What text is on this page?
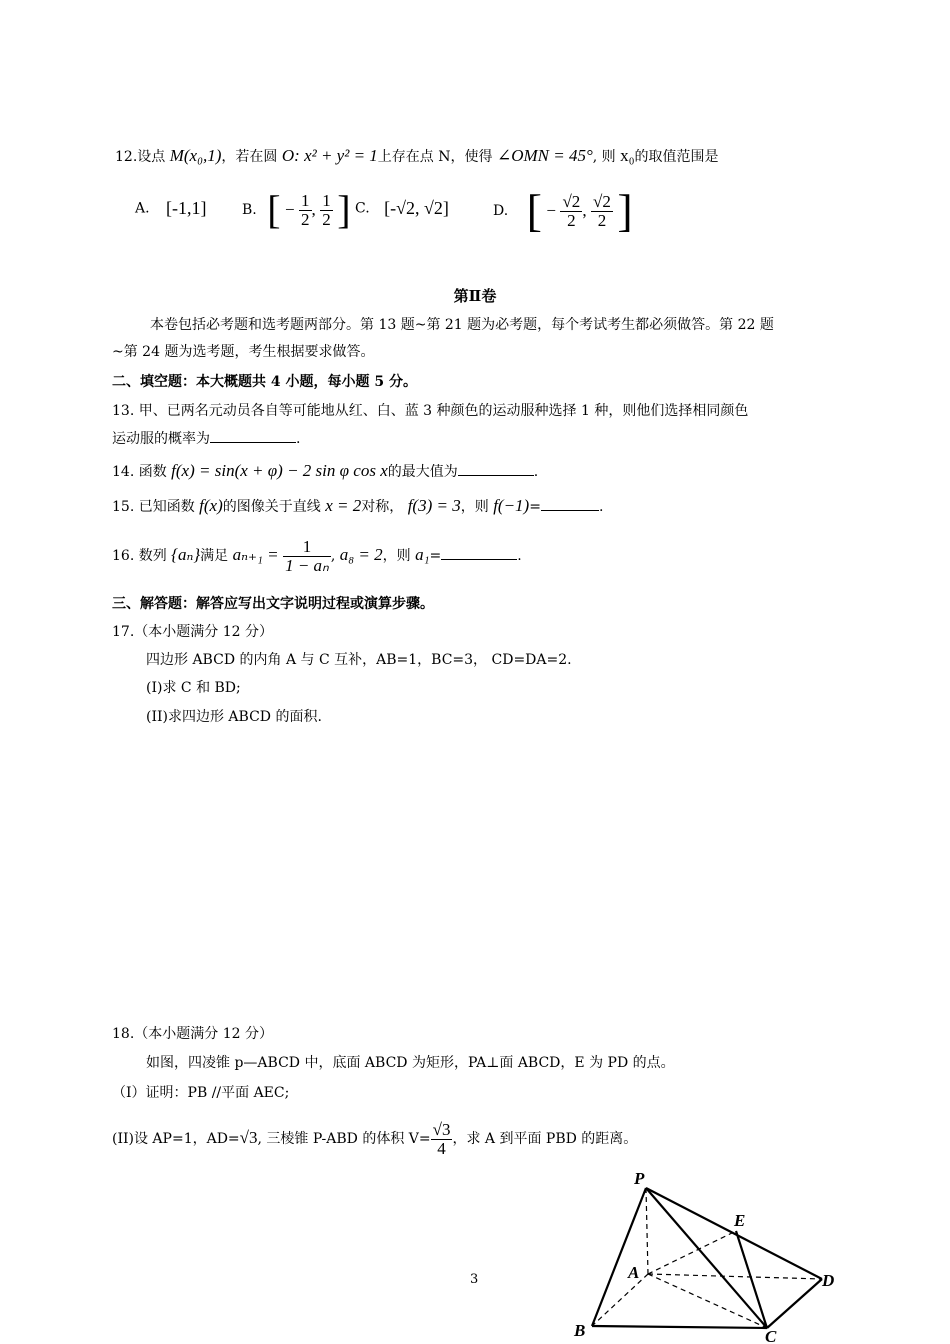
12.设点 M(x₀,1)，若在圆 O: x² + y² = 1上存在点 N，使得 ∠OMN = 45°, 则 x₀的取值范围是
A. [-1,1]	B. [ − $\frac{1}{2}$ , $\frac{1}{2}$ ] C. [-√2, √2]	D. [ − $\frac{√2}{2}$ , $\frac{√2}{2}$ ]
第Ⅱ卷
本卷包括必考题和选考题两部分。第 13 题~第 21 题为必考题，每个考试考生都必须做答。第 22 题
~第 24 题为选考题，考生根据要求做答。
二、填空题：本大概题共 4 小题，每小题 5 分。
13. 甲、已两名元动员各自等可能地从红、白、蓝 3 种颜色的运动服种选择 1 种，则他们选择相同颜色
运动服的概率为	.
14. 函数 f(x) = sin(x + φ) − 2 sin φ cos x的最大值为	.
15. 已知函数 f(x)的图像关于直线 x = 2对称， f(3) = 3，则 f(−1)=	.
16. 数列 {aₙ}满足 $a_{n+1} = \frac{1}{\text{1 − aₙ}}$ , a₈ = 2，则 a₁=	.
三、解答题：解答应写出文字说明过程或演算步骤。
17.（本小题满分 12 分）
四边形 ABCD 的内角 A 与 C 互补，AB=1，BC=3， CD=DA=2.
(I)求 C 和 BD;
(II)求四边形 ABCD 的面积.
18.（本小题满分 12 分）
如图，四凌锥 p—ABCD 中，底面 ABCD 为矩形，PA⊥面 ABCD，E 为 PD 的点。
（I）证明：PB //平面 AEC;
(II)设 AP=1，AD=√3, 三棱锥 P-ABD 的体积 $V= \frac{√3}{4}$ ，求 A 到平面 PBD 的距离。
P
E
A	D
B	C
3
